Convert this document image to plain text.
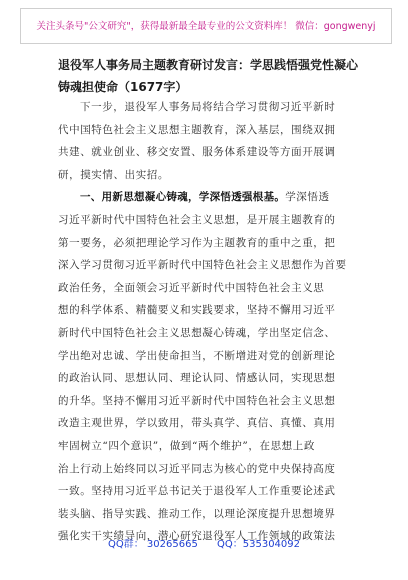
关注头条号"公文研究"，获得最新最全最专业的公文资料库！ 微信：gongwenyj
退役军人事务局主题教育研讨发言：学思践悟强党性凝心
铸魂担使命（1677字）
下一步，退役军人事务局将结合学习贯彻习近平新时
代中国特色社会主义思想主题教育，深入基层，围绕双拥
共建、就业创业、移交安置、服务体系建设等方面开展调
研，摸实情、出实招。
一、用新思想凝心铸魂，学深悟透强根基。学深悟透
习近平新时代中国特色社会主义思想，是开展主题教育的
第一要务，必须把理论学习作为主题教育的重中之重，把
深入学习贯彻习近平新时代中国特色社会主义思想作为首要
政治任务，全面领会习近平新时代中国特色社会主义思
想的科学体系、精髓要义和实践要求，坚持不懈用习近平
新时代中国特色社会主义思想凝心铸魂，学出坚定信念、
学出绝对忠诚、学出使命担当，不断增进对党的创新理论
的政治认同、思想认同、理论认同、情感认同，实现思想
的升华。坚持不懈用习近平新时代中国特色社会主义思想
改造主观世界，学以致用，带头真学、真信、真懂、真用
牢固树立“四个意识”，做到“两个维护”，在思想上政
治上行动上始终同以习近平同志为核心的党中央保持高度
一致。坚持用习近平总书记关于退役军人工作重要论述武
装头脑、指导实践、推动工作，以理论深度提升思想境界
强化实干实绩导向，潜心研究退役军人工作领域的政策法
QQ群： 30265665 QQ：535304092
